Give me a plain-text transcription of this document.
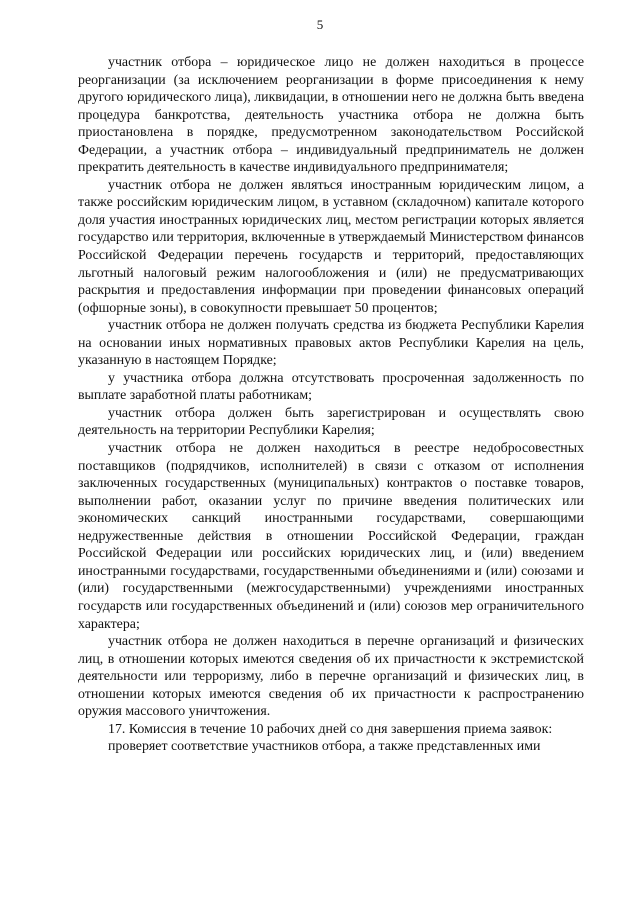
5

участник отбора – юридическое лицо не должен находиться в процессе реорганизации (за исключением реорганизации в форме присоединения к нему другого юридического лица), ликвидации, в отношении него не должна быть введена процедура банкротства, деятельность участника отбора не должна быть приостановлена в порядке, предусмотренном законодательством Российской Федерации, а участник отбора – индивидуальный предприниматель не должен прекратить деятельность в качестве индивидуального предпринимателя;

участник отбора не должен являться иностранным юридическим лицом, а также российским юридическим лицом, в уставном (складочном) капитале которого доля участия иностранных юридических лиц, местом регистрации которых является государство или территория, включенные в утверждаемый Министерством финансов Российской Федерации перечень государств и территорий, предоставляющих льготный налоговый режим налогообложения и (или) не предусматривающих раскрытия и предоставления информации при проведении финансовых операций (офшорные зоны), в совокупности превышает 50 процентов;

участник отбора не должен получать средства из бюджета Республики Карелия на основании иных нормативных правовых актов Республики Карелия на цель, указанную в настоящем Порядке;

у участника отбора должна отсутствовать просроченная задолженность по выплате заработной платы работникам;

участник отбора должен быть зарегистрирован и осуществлять свою деятельность на территории Республики Карелия;

участник отбора не должен находиться в реестре недобросовестных поставщиков (подрядчиков, исполнителей) в связи с отказом от исполнения заключенных государственных (муниципальных) контрактов о поставке товаров, выполнении работ, оказании услуг по причине введения политических или экономических санкций иностранными государствами, совершающими недружественные действия в отношении Российской Федерации, граждан Российской Федерации или российских юридических лиц, и (или) введением иностранными государствами, государственными объединениями и (или) союзами и (или) государственными (межгосударственными) учреждениями иностранных государств или государственных объединений и (или) союзов мер ограничительного характера;

участник отбора не должен находиться в перечне организаций и физических лиц, в отношении которых имеются сведения об их причастности к экстремистской деятельности или терроризму, либо в перечне организаций и физических лиц, в отношении которых имеются сведения об их причастности к распространению оружия массового уничтожения.

17. Комиссия в течение 10 рабочих дней со дня завершения приема заявок:

проверяет соответствие участников отбора, а также представленных ими
